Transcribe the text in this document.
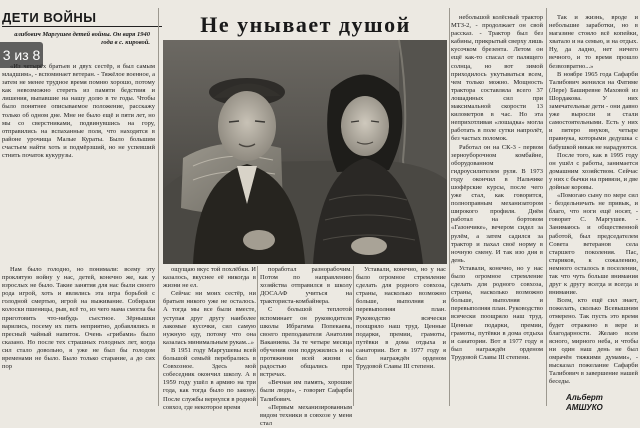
ДЕТИ ВОЙНЫ	Не унывает душой
алибович Маргушев детей войны. Он варя 1940 года в с. кировой.
3 из 8

«Из четырёх братьев и двух сестёр, я был самым младшим», - вспоминает ветеран. - Тяжёлое военное, а затем не менее трудное время помню хорошо, потому как невозможно стереть из памяти бедствия и лишения, выпавшие на нашу долю в те годы. Чтобы было понятнее описываемое положение, расскажу только об одном дне. Мне не было ещё и пяти лет, но мы со сверстниками, подвинувшись на гору, отправились на вспаханные поля, что находятся в районе урочища Малые Кураты. Было большим счастьем найти хоть и подмёрзший, но не успевший стнить початок кукурузы.

Нам было голодно, но понимали: всему эту проклятую войну у нас, детей, конечно же, как у взрослых не было. Такие занятия для нас были своего рода игрой, хоть и являлись эта игра борьбой с голодной смертью, игрой на выживание. Собирали колоски пшеницы, рыв, всё то, из чего мама смогла бы приготовить что-нибудь съестное. Зёрнышки варились, посему их пить неприятно, добавлялись в пресный чайный напиток. Очень «грибами» было сказано. Но после тех страшных голодных лет, когда сил стало довольно, я уже не был бы голодом временами не было. Было только старание, а до сих пор

ощущаю вкус той похлёбки. И казалось, вкуснее её никогда в жизни не ел.

Сейчас ни моих сестёр, ни братьев никого уже не осталось. А тогда мы все были вместе, уступая друг другу наиболее лакомые кусочки, сил самую нужную еду, потому что она казалась минимальным рукам...»

В 1951 году Маргушевы всей большой семьёй перебрались в Совхозное. Здесь мой собеседник окончил школу. А в 1959 году ушёл в армию на три года, как тогда было по закону. После службы вернулся в родной совхоз, где некоторое время

поработал разнорабочим. Потом по направлению хозяйства отправился в школу ДОСААФ учиться на тракториста-комбайнера.

С большой теплотой вспоминает он руководителя школы Ибрагима Попекаева, своего преподавателя Анатолия Ваканиева. За те четыре месяца обучения они подружились и на протяжении всей жизни с радостью общались при встречах.

«Вечная им память, хорошие были люди», - говорит Сафарби Талибович.

«Первым механизированным видом техники в совхозе у меня стал

небольшой колёсный трактор МТЗ-2, - продолжает он свой рассказ. - Трактор был без кабины, прикрытый сверху лишь кусочком брезента. Летом он ещё как-то спасал от палящего солнца, но вот зимой приходилось укутываться всем, чем только можно. Мощность трактора составляла всего 37 лошадиных сил при максимальной скорости 13 километров в час. Но эта неприхотливая «лошадка» могла работать в поле сутки напролёт, без частых поломок.

Работал он на СК-3 - первом зерноуборочном комбайне, оборудованном гидроусилителем руля. В 1973 году окончил в Нальчике шофёрские курсы, после чего уже стал, как говорится, полноправным механизатором широкого профиля. Днём работал на бортовом «Газончике», вечером сидел за рулём, а затем садился за трактор и пахал своё норму в ночную смену. И так изо дня в день.

Уставали, конечно, но у нас было огромное стремление сделать для родного совхоза, страны, насколько возможно больше, выполняя и перевыполняя план. Руководство всячески поощряло наш труд. Ценные подарки, премии, грамоты, путёвки в дома отдыха и санатории. Вот в 1977 году я был награждён орденом Трудовой Славы III степени.

Так и жизнь, вроде и небольшие заработки, но в магазине стояло всё копейки, хватало и на семью, и на отдых. Ну, да ладно, нет ничего вечного, и то время прошло безвозвратно...»

В ноябре 1965 года Сафарби Талибович женился на Фатиме (Лере) Баширевне Маховой из Шордакова. У них замечательные дети - они давно уже выросли и стали самостоятельными. Есть у них и пятеро внуков, четыре правнука, которыми дедушка с бабушкой никак не нарадуются.

После того, как в 1995 году он ушёл с работы, занимается домашним хозяйством. Сейчас у них с бычки на привязи, и две дойные коровы.

«Помогаю сыну по мере сил - бездельничать не привык, и благо, что ноги ещё носят, - говорит С. Маргушев. - Занимаюсь и общественной работой, был председателем Совета ветеранов села старшего поколения. Пас, стариков, к сожалению, немного осталось в поселении, так что чуть больше внимания друг к другу всегда и всегда и внимание.

Всем, кто ещё сил знает, пожелать, сколько Всевышним отмерено. Так пусть это время будет отражено в вере и благодарности. Желаю всем ясного, мирного неба, и чтобы ни один наш день не был омрачён тяжкими думами», - высказал пожелание Сафарби Талибович в завершение нашей беседы.

Альберт АМШУКО

Уставали, конечно, но у нас было огромное стремление сделать для родного совхоза, страны, насколько возможно больше, выполняя и перевыполняя план. Руководство всячески поощряло наш труд. Ценные подарки, премии, грамоты, путёвки в дома отдыха и санатории. Вот в 1977 году я был награждён орденом Трудовой Славы III степени.
